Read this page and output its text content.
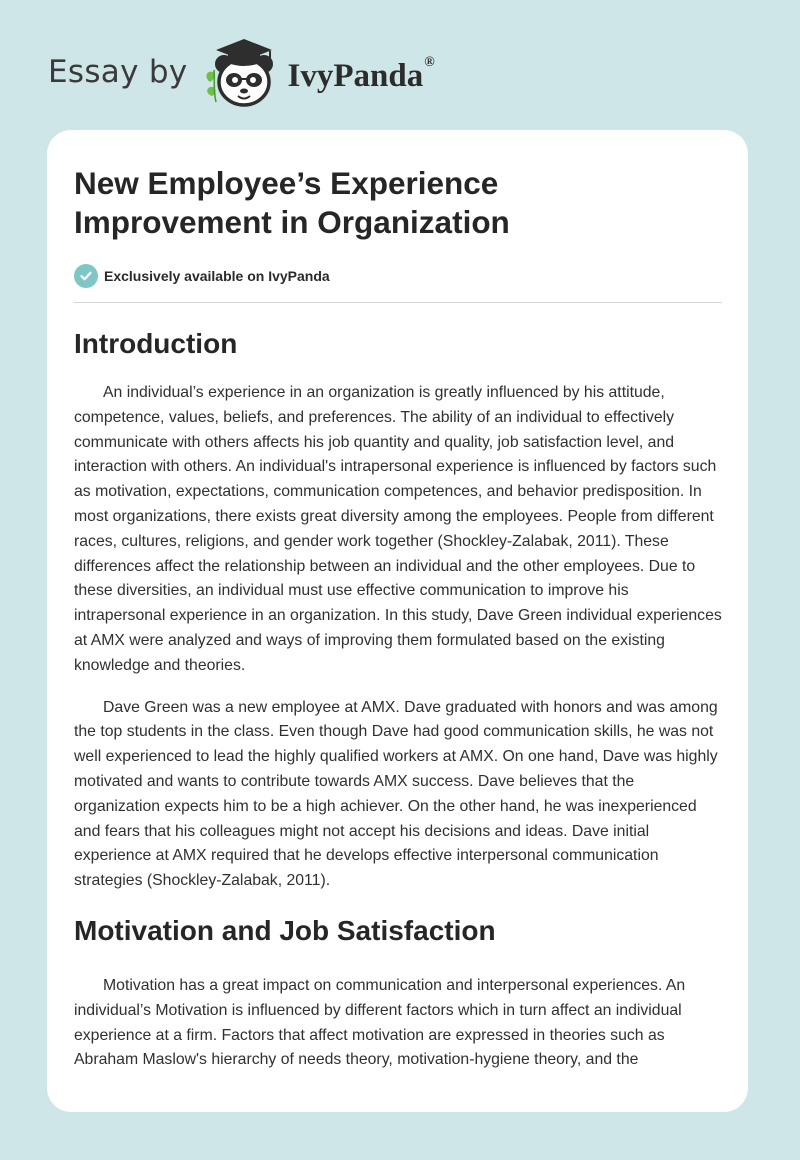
Essay by	IvyPanda®
New Employee’s Experience
Improvement in Organization
Exclusively available on IvyPanda
Introduction

An individual’s experience in an organization is greatly influenced by his attitude, competence, values, beliefs, and preferences. The ability of an individual to effectively communicate with others affects his job quantity and quality, job satisfaction level, and interaction with others. An individual's intrapersonal experience is influenced by factors such as motivation, expectations, communication competences, and behavior predisposition. In most organizations, there exists great diversity among the employees. People from different races, cultures, religions, and gender work together (Shockley-Zalabak, 2011). These differences affect the relationship between an individual and the other employees. Due to these diversities, an individual must use effective communication to improve his intrapersonal experience in an organization. In this study, Dave Green individual experiences at AMX were analyzed and ways of improving them formulated based on the existing knowledge and theories.

Dave Green was a new employee at AMX. Dave graduated with honors and was among the top students in the class. Even though Dave had good communication skills, he was not well experienced to lead the highly qualified workers at AMX. On one hand, Dave was highly motivated and wants to contribute towards AMX success. Dave believes that the organization expects him to be a high achiever. On the other hand, he was inexperienced and fears that his colleagues might not accept his decisions and ideas. Dave initial experience at AMX required that he develops effective interpersonal communication strategies (Shockley-Zalabak, 2011).

Motivation and Job Satisfaction

Motivation has a great impact on communication and interpersonal experiences. An individual’s Motivation is influenced by different factors which in turn affect an individual experience at a firm. Factors that affect motivation are expressed in theories such as Abraham Maslow's hierarchy of needs theory, motivation-hygiene theory, and the
